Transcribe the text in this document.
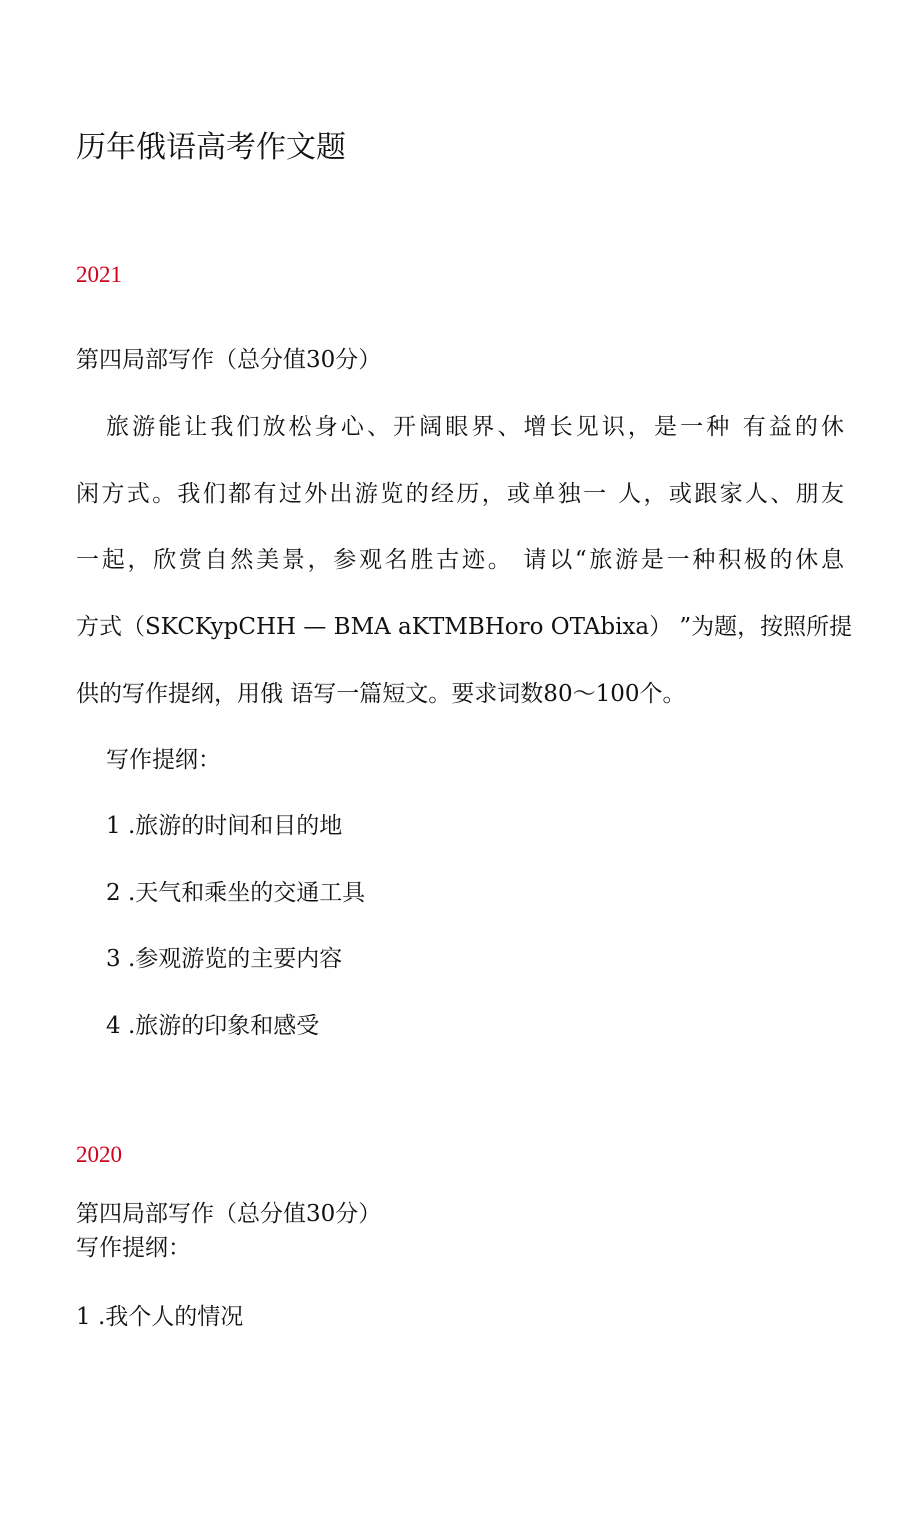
历年俄语高考作文题
2021
第四局部写作（总分值30分）
旅游能让我们放松身心、开阔眼界、增长见识，是一种 有益的休
闲方式。我们都有过外出游览的经历，或单独一 人，或跟家人、朋友
一起，欣赏自然美景，参观名胜古迹。 请以“旅游是一种积极的休息
方式（SKCKypCHH — BMA aKTMBHoro OTAbixa） ”为题，按照所提
供的写作提纲，用俄 语写一篇短文。要求词数80～100个。
写作提纲：
1 .旅游的时间和目的地
2 .天气和乘坐的交通工具
3 .参观游览的主要内容
4 .旅游的印象和感受
2020
第四局部写作（总分值30分）
写作提纲：
1 .我个人的情况
